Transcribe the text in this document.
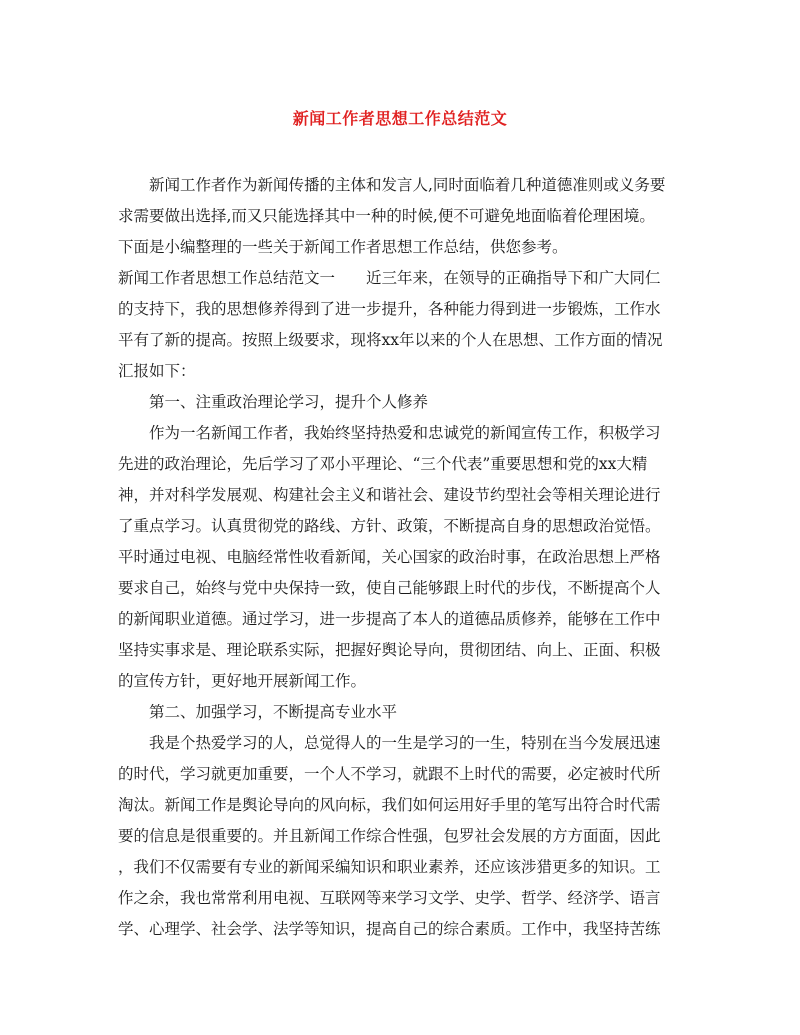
新闻工作者思想工作总结范文
新闻工作者作为新闻传播的主体和发言人,同时面临着几种道德准则或义务要
求需要做出选择,而又只能选择其中一种的时候,便不可避免地面临着伦理困境。
下面是小编整理的一些关于新闻工作者思想工作总结，供您参考。
新闻工作者思想工作总结范文一　　近三年来，在领导的正确指导下和广大同仁
的支持下，我的思想修养得到了进一步提升，各种能力得到进一步锻炼，工作水
平有了新的提高。按照上级要求，现将xx年以来的个人在思想、工作方面的情况
汇报如下：
第一、注重政治理论学习，提升个人修养
作为一名新闻工作者，我始终坚持热爱和忠诚党的新闻宣传工作，积极学习
先进的政治理论，先后学习了邓小平理论、“三个代表”重要思想和党的xx大精
神，并对科学发展观、构建社会主义和谐社会、建设节约型社会等相关理论进行
了重点学习。认真贯彻党的路线、方针、政策，不断提高自身的思想政治觉悟。
平时通过电视、电脑经常性收看新闻，关心国家的政治时事，在政治思想上严格
要求自己，始终与党中央保持一致，使自己能够跟上时代的步伐，不断提高个人
的新闻职业道德。通过学习，进一步提高了本人的道德品质修养，能够在工作中
坚持实事求是、理论联系实际，把握好舆论导向，贯彻团结、向上、正面、积极
的宣传方针，更好地开展新闻工作。
第二、加强学习，不断提高专业水平
我是个热爱学习的人，总觉得人的一生是学习的一生，特别在当今发展迅速
的时代，学习就更加重要，一个人不学习，就跟不上时代的需要，必定被时代所
淘汰。新闻工作是舆论导向的风向标，我们如何运用好手里的笔写出符合时代需
要的信息是很重要的。并且新闻工作综合性强，包罗社会发展的方方面面，因此
，我们不仅需要有专业的新闻采编知识和职业素养，还应该涉猎更多的知识。工
作之余，我也常常利用电视、互联网等来学习文学、史学、哲学、经济学、语言
学、心理学、社会学、法学等知识，提高自己的综合素质。工作中，我坚持苦练
